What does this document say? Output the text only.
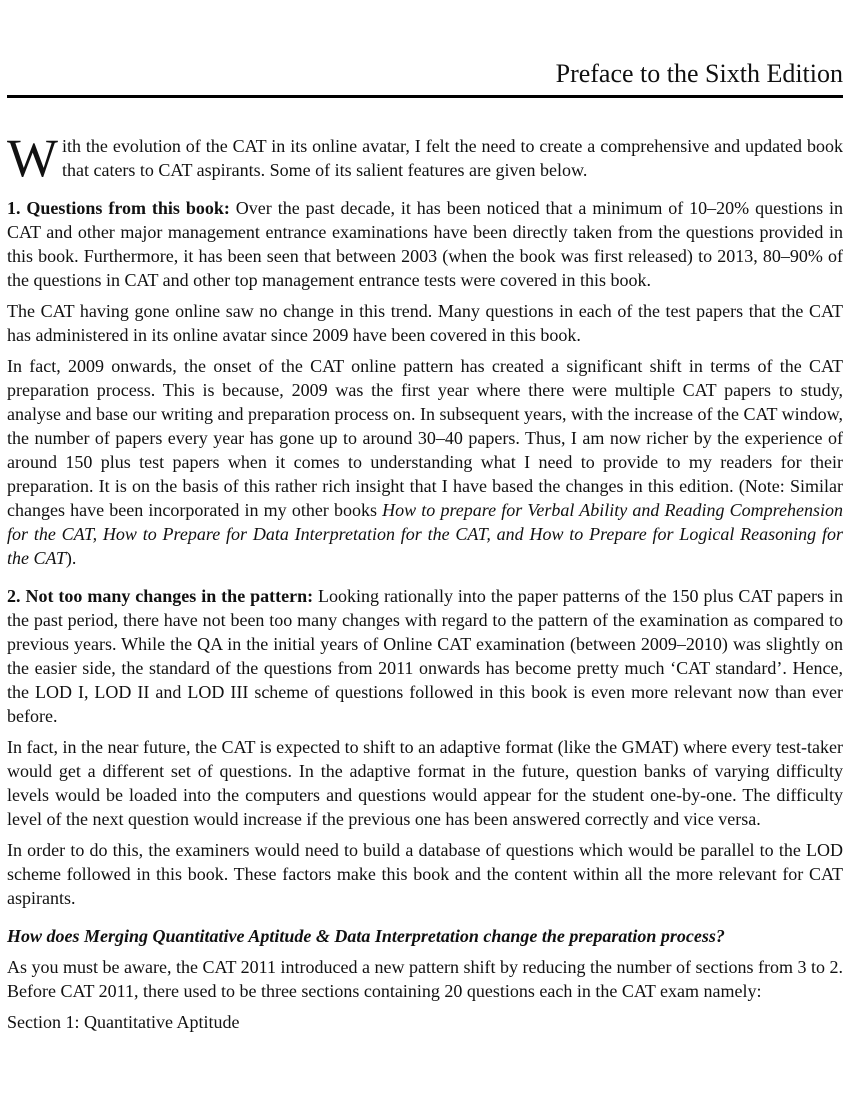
Preface to the Sixth Edition

With the evolution of the CAT in its online avatar, I felt the need to create a comprehensive and updated book that caters to CAT aspirants. Some of its salient features are given below.

1. Questions from this book: Over the past decade, it has been noticed that a minimum of 10–20% questions in CAT and other major management entrance examinations have been directly taken from the questions provided in this book. Furthermore, it has been seen that between 2003 (when the book was first released) to 2013, 80–90% of the questions in CAT and other top management entrance tests were covered in this book.

The CAT having gone online saw no change in this trend. Many questions in each of the test papers that the CAT has administered in its online avatar since 2009 have been covered in this book.

In fact, 2009 onwards, the onset of the CAT online pattern has created a significant shift in terms of the CAT preparation process. This is because, 2009 was the first year where there were multiple CAT papers to study, analyse and base our writing and preparation process on. In subsequent years, with the increase of the CAT window, the number of papers every year has gone up to around 30–40 papers. Thus, I am now richer by the experience of around 150 plus test papers when it comes to understanding what I need to provide to my readers for their preparation. It is on the basis of this rather rich insight that I have based the changes in this edition. (Note: Similar changes have been incorporated in my other books How to prepare for Verbal Ability and Reading Comprehension for the CAT, How to Prepare for Data Interpretation for the CAT, and How to Prepare for Logical Reasoning for the CAT).

2. Not too many changes in the pattern: Looking rationally into the paper patterns of the 150 plus CAT papers in the past period, there have not been too many changes with regard to the pattern of the examination as compared to previous years. While the QA in the initial years of Online CAT examination (between 2009–2010) was slightly on the easier side, the standard of the questions from 2011 onwards has become pretty much ‘CAT standard’. Hence, the LOD I, LOD II and LOD III scheme of questions followed in this book is even more relevant now than ever before.

In fact, in the near future, the CAT is expected to shift to an adaptive format (like the GMAT) where every test-taker would get a different set of questions. In the adaptive format in the future, question banks of varying difficulty levels would be loaded into the computers and questions would appear for the student one-by-one. The difficulty level of the next question would increase if the previous one has been answered correctly and vice versa.

In order to do this, the examiners would need to build a database of questions which would be parallel to the LOD scheme followed in this book. These factors make this book and the content within all the more relevant for CAT aspirants.

How does Merging Quantitative Aptitude & Data Interpretation change the preparation process?

As you must be aware, the CAT 2011 introduced a new pattern shift by reducing the number of sections from 3 to 2. Before CAT 2011, there used to be three sections containing 20 questions each in the CAT exam namely:

Section 1: Quantitative Aptitude
